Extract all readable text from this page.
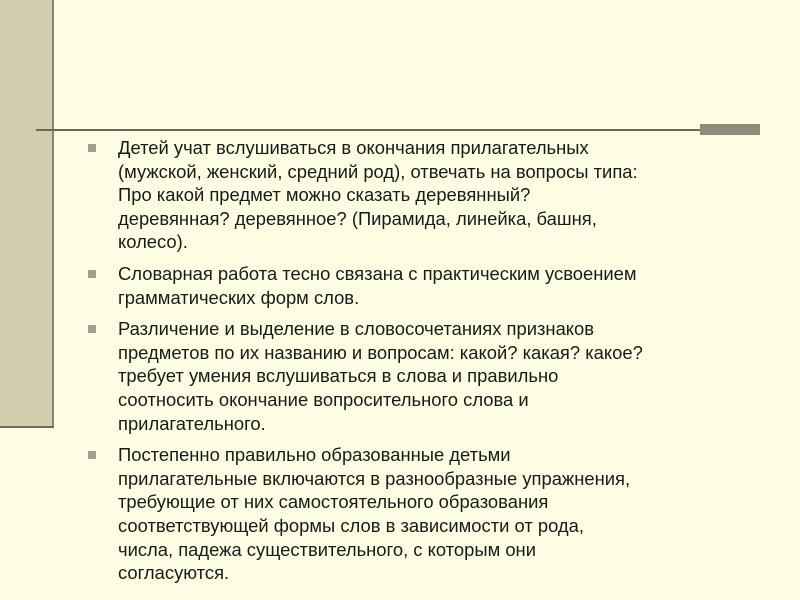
Детей учат вслушиваться в окончания прилагательных
(мужской, женский, средний род), отвечать на вопросы типа:
Про какой предмет можно сказать деревянный?
деревянная? деревянное? (Пирамида, линейка, башня,
колесо).
Словарная работа тесно связана с практическим усвоением
грамматических форм слов.
Различение и выделение в словосочетаниях признаков
предметов по их названию и вопросам: какой? какая? какое?
требует умения вслушиваться в слова и правильно
соотносить окончание вопросительного слова и
прилагательного.
Постепенно правильно образованные детьми
прилагательные включаются в разнообразные упражнения,
требующие от них самостоятельного образования
соответствующей формы слов в зависимости от рода,
числа, падежа существительного, с которым они
согласуются.
